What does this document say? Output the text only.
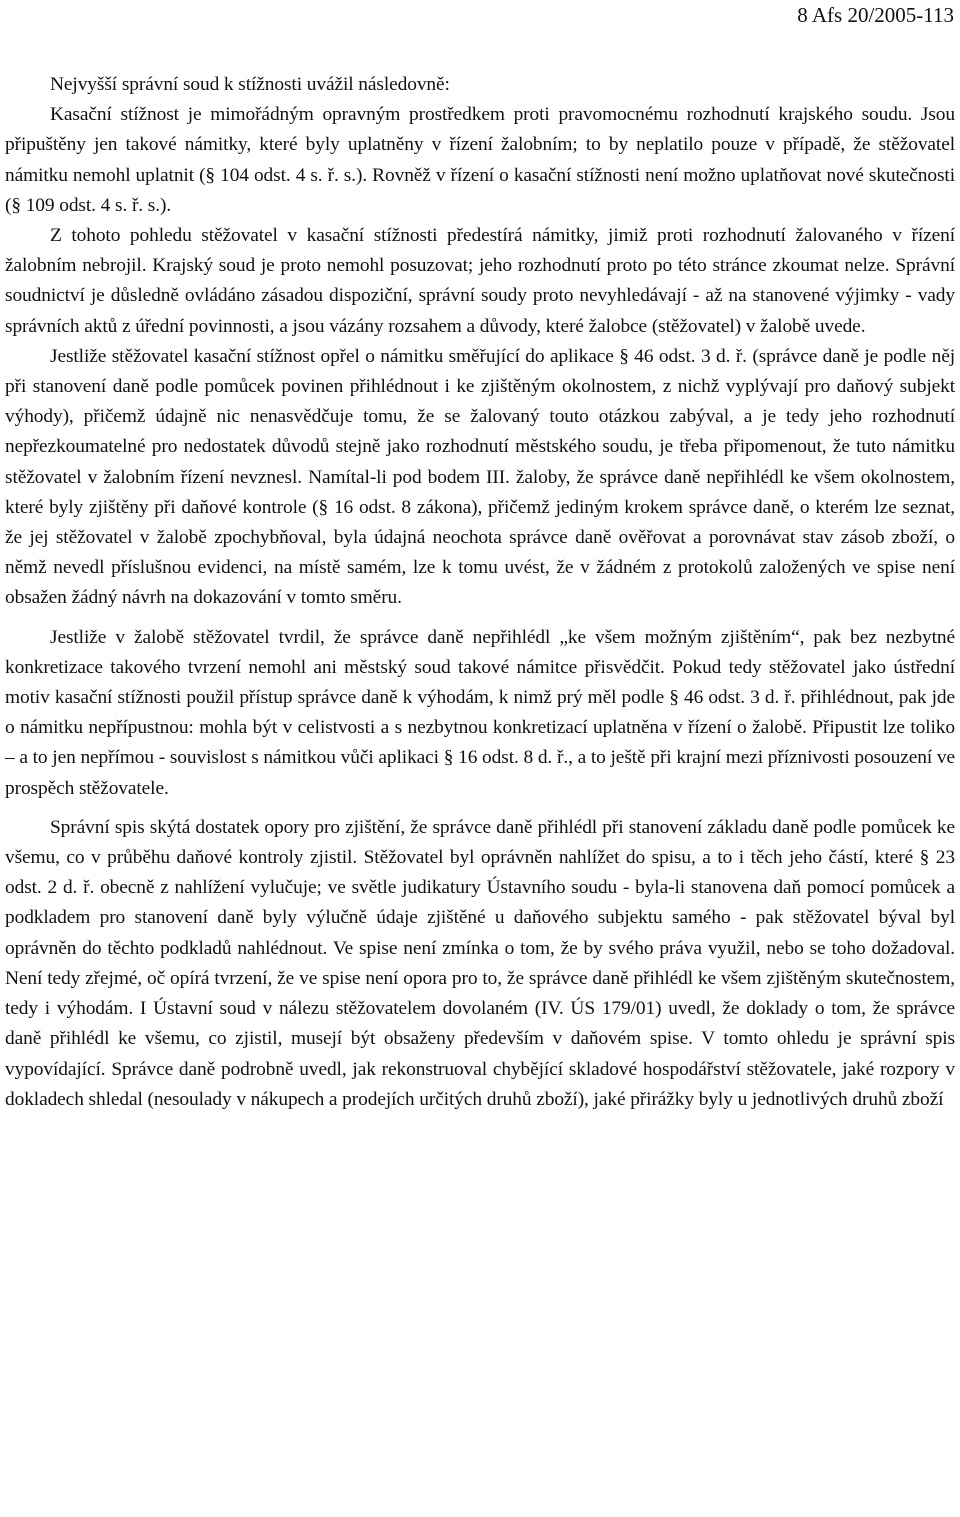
8 Afs 20/2005-113

Nejvyšší správní soud k stížnosti uvážil následovně:

Kasační stížnost je mimořádným opravným prostředkem proti pravomocnému rozhodnutí krajského soudu. Jsou připuštěny jen takové námitky, které byly uplatněny v řízení žalobním; to by neplatilo pouze v případě, že stěžovatel námitku nemohl uplatnit (§ 104 odst. 4 s. ř. s.). Rovněž v řízení o kasační stížnosti není možno uplatňovat nové skutečnosti (§ 109 odst. 4 s. ř. s.).

Z tohoto pohledu stěžovatel v kasační stížnosti předestírá námitky, jimiž proti rozhodnutí žalovaného v řízení žalobním nebrojil. Krajský soud je proto nemohl posuzovat; jeho rozhodnutí proto po této stránce zkoumat nelze. Správní soudnictví je důsledně ovládáno zásadou dispoziční, správní soudy proto nevyhledávají - až na stanovené výjimky - vady správních aktů z úřední povinnosti, a jsou vázány rozsahem a důvody, které žalobce (stěžovatel) v žalobě uvede.

Jestliže stěžovatel kasační stížnost opřel o námitku směřující do aplikace § 46 odst. 3 d. ř. (správce daně je podle něj při stanovení daně podle pomůcek povinen přihlédnout i ke zjištěným okolnostem, z nichž vyplývají pro daňový subjekt výhody), přičemž údajně nic nenasvědčuje tomu, že se žalovaný touto otázkou zabýval, a je tedy jeho rozhodnutí nepřezkoumatelné pro nedostatek důvodů stejně jako rozhodnutí městského soudu, je třeba připomenout, že tuto námitku stěžovatel v žalobním řízení nevznesl. Namítal-li pod bodem III. žaloby, že správce daně nepřihlédl ke všem okolnostem, které byly zjištěny při daňové kontrole (§ 16 odst. 8 zákona), přičemž jediným krokem správce daně, o kterém lze seznat, že jej stěžovatel v žalobě zpochybňoval, byla údajná neochota správce daně ověřovat a porovnávat stav zásob zboží, o němž nevedl příslušnou evidenci, na místě samém, lze k tomu uvést, že v žádném z protokolů založených ve spise není obsažen žádný návrh na dokazování v tomto směru.

Jestliže v žalobě stěžovatel tvrdil, že správce daně nepřihlédl „ke všem možným zjištěním“, pak bez nezbytné konkretizace takového tvrzení nemohl ani městský soud takové námitce přisvědčit. Pokud tedy stěžovatel jako ústřední motiv kasační stížnosti použil přístup správce daně k výhodám, k nimž prý měl podle § 46 odst. 3 d. ř. přihlédnout, pak jde o námitku nepřípustnou: mohla být v celistvosti a s nezbytnou konkretizací uplatněna v řízení o žalobě. Připustit lze toliko – a to jen nepřímou - souvislost s námitkou vůči aplikaci § 16 odst. 8 d. ř., a to ještě při krajní mezi příznivosti posouzení ve prospěch stěžovatele.

Správní spis skýtá dostatek opory pro zjištění, že správce daně přihlédl při stanovení základu daně podle pomůcek ke všemu, co v průběhu daňové kontroly zjistil. Stěžovatel byl oprávněn nahlížet do spisu, a to i těch jeho částí, které § 23 odst. 2 d. ř. obecně z nahlížení vylučuje; ve světle judikatury Ústavního soudu - byla-li stanovena daň pomocí pomůcek a podkladem pro stanovení daně byly výlučně údaje zjištěné u daňového subjektu samého - pak stěžovatel býval byl oprávněn do těchto podkladů nahlédnout. Ve spise není zmínka o tom, že by svého práva využil, nebo se toho dožadoval. Není tedy zřejmé, oč opírá tvrzení, že ve spise není opora pro to, že správce daně přihlédl ke všem zjištěným skutečnostem, tedy i výhodám. I Ústavní soud v nálezu stěžovatelem dovolaném (IV. ÚS 179/01) uvedl, že doklady o tom, že správce daně přihlédl ke všemu, co zjistil, musejí být obsaženy především v daňovém spise. V tomto ohledu je správní spis vypovídající. Správce daně podrobně uvedl, jak rekonstruoval chybějící skladové hospodářství stěžovatele, jaké rozpory v dokladech shledal (nesoulady v nákupech a prodejích určitých druhů zboží), jaké přirážky byly u jednotlivých druhů zboží
